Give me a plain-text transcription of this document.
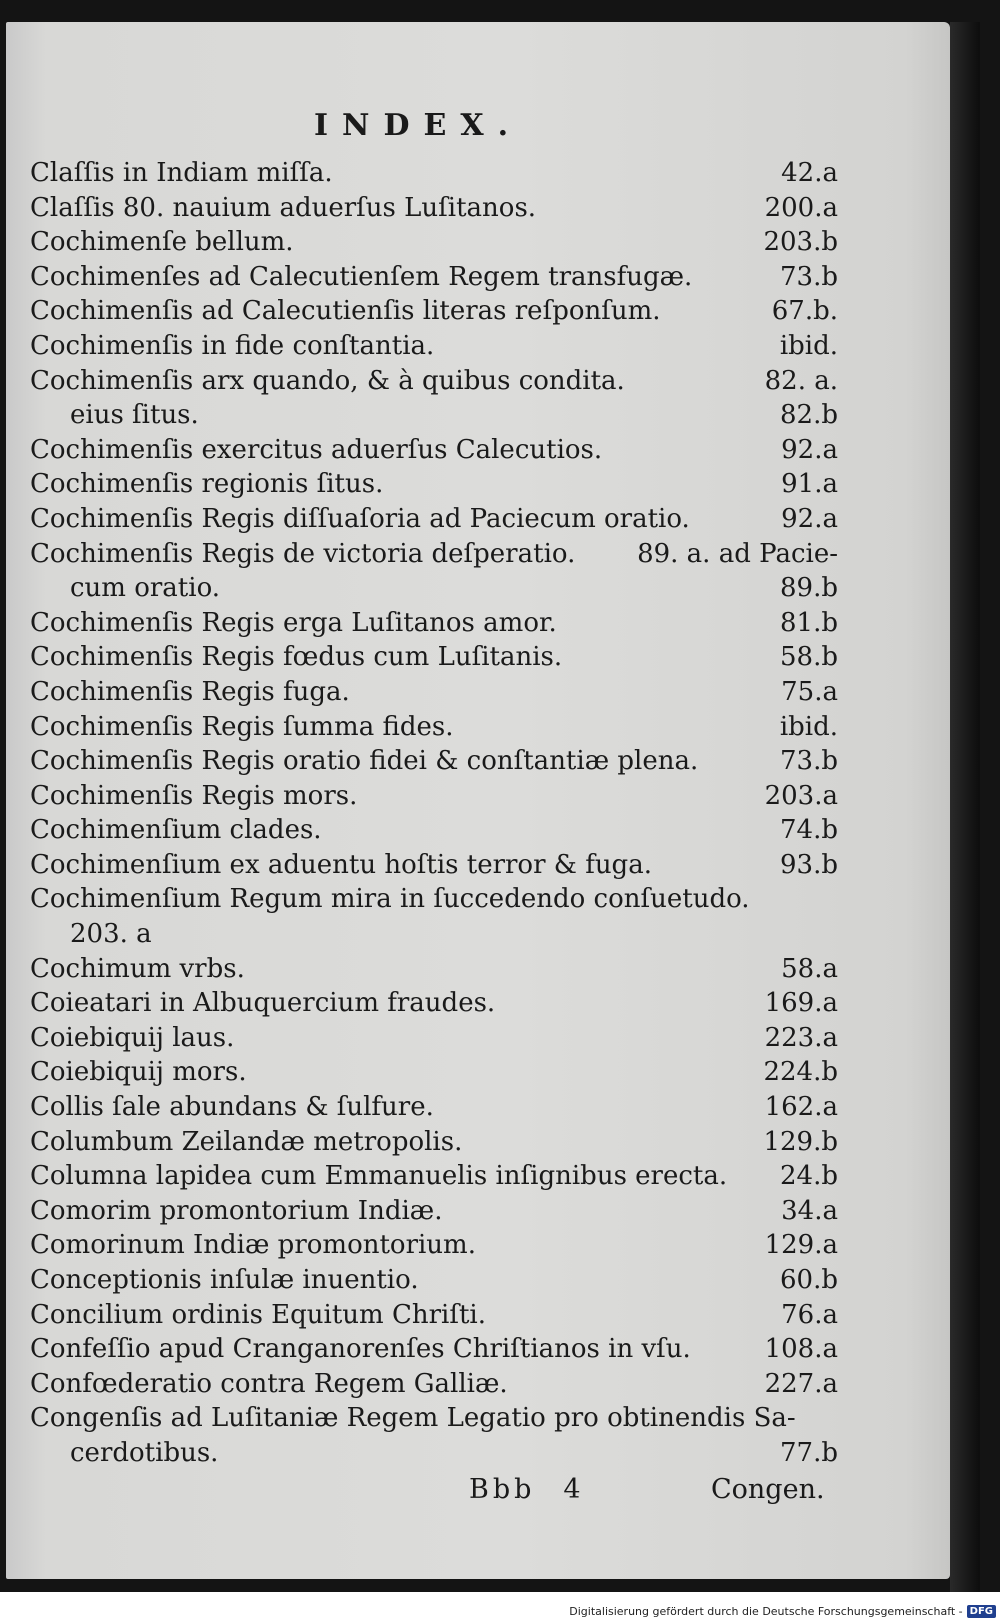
INDEX.
Claſſis in Indiam miſſa.	42.a
Claſſis 80. nauium aduerſus Luſitanos.	200.a
Cochimenſe bellum.	203.b
Cochimenſes ad Calecutienſem Regem transfugæ.	73.b
Cochimenſis ad Calecutienſis literas reſponſum.	67.b.
Cochimenſis in fide conſtantia.	ibid.
Cochimenſis arx quando, & à quibus condita.	82. a.
eius ſitus.	82.b
Cochimenſis exercitus aduerſus Calecutios.	92.a
Cochimenſis regionis ſitus.	91.a
Cochimenſis Regis diſſuaſoria ad Paciecum oratio.	92.a
Cochimenſis Regis de victoria deſperatio. 89. a. ad Pacie-
cum oratio.	89.b
Cochimenſis Regis erga Luſitanos amor.	81.b
Cochimenſis Regis fœdus cum Luſitanis.	58.b
Cochimenſis Regis fuga.	75.a
Cochimenſis Regis ſumma fides.	ibid.
Cochimenſis Regis oratio fidei & conſtantiæ plena.	73.b
Cochimenſis Regis mors.	203.a
Cochimenſium clades.	74.b
Cochimenſium ex aduentu hoſtis terror & fuga.	93.b
Cochimenſium Regum mira in ſuccedendo conſuetudo.
203. a
Cochimum vrbs.	58.a
Coieatari in Albuquercium fraudes.	169.a
Coiebiquij laus.	223.a
Coiebiquij mors.	224.b
Collis ſale abundans & ſulfure.	162.a
Columbum Zeilandæ metropolis.	129.b
Columna lapidea cum Emmanuelis inſignibus erecta. 24.b
Comorim promontorium Indiæ.	34.a
Comorinum Indiæ promontorium.	129.a
Conceptionis inſulæ inuentio.	60.b
Concilium ordinis Equitum Chriſti.	76.a
Confeſſio apud Cranganorenſes Chriſtianos in vſu.	108.a
Confœderatio contra Regem Galliæ.	227.a
Congenſis ad Luſitaniæ Regem Legatio pro obtinendis Sa-
cerdotibus.	77.b
Bbb 4	Congen.
Digitalisierung gefördert durch die Deutsche Forschungsgemeinschaft - DFG
